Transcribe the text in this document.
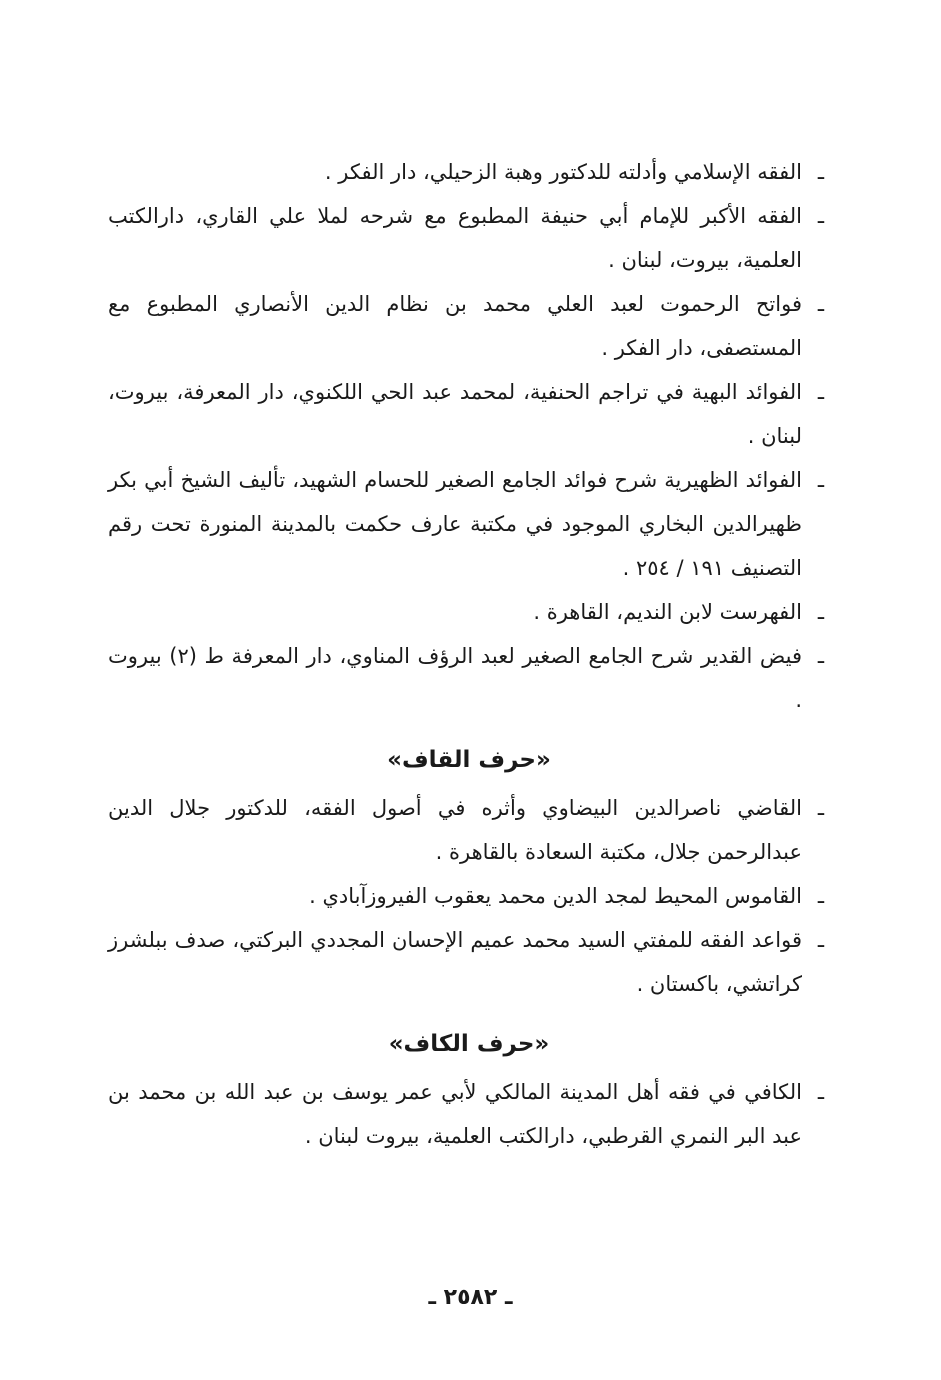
ـ
الفقه الإسلامي وأدلته للدكتور وهبة الزحيلي، دار الفكر .
ـ
الفقه الأكبر للإمام أبي حنيفة المطبوع مع شرحه لملا علي القاري، دارالكتب العلمية، بيروت، لبنان .
ـ
فواتح الرحموت لعبد العلي محمد بن نظام الدين الأنصاري المطبوع مع المستصفى، دار الفكر .
ـ
الفوائد البهية في تراجم الحنفية، لمحمد عبد الحي اللكنوي، دار المعرفة، بيروت، لبنان .
ـ
الفوائد الظهيرية شرح فوائد الجامع الصغير للحسام الشهيد، تأليف الشيخ أبي بكر ظهيرالدين البخاري الموجود في مكتبة عارف حكمت بالمدينة المنورة تحت رقم التصنيف ١٩١ / ٢٥٤ .
ـ
الفهرست لابن النديم، القاهرة .
ـ
فيض القدير شرح الجامع الصغير لعبد الرؤف المناوي، دار المعرفة ط (٢) بيروت .
«حرف القاف»
ـ
القاضي ناصرالدين البيضاوي وأثره في أصول الفقه، للدكتور جلال الدين عبدالرحمن جلال، مكتبة السعادة بالقاهرة .
ـ
القاموس المحيط لمجد الدين محمد يعقوب الفيروزآبادي .
ـ
قواعد الفقه للمفتي السيد محمد عميم الإحسان المجددي البركتي، صدف ببلشرز كراتشي، باكستان .
«حرف الكاف»
ـ
الكافي في فقه أهل المدينة المالكي لأبي عمر يوسف بن عبد الله بن محمد بن عبد البر النمري القرطبي، دارالكتب العلمية، بيروت لبنان .
ـ ٢٥٨٢ ـ
